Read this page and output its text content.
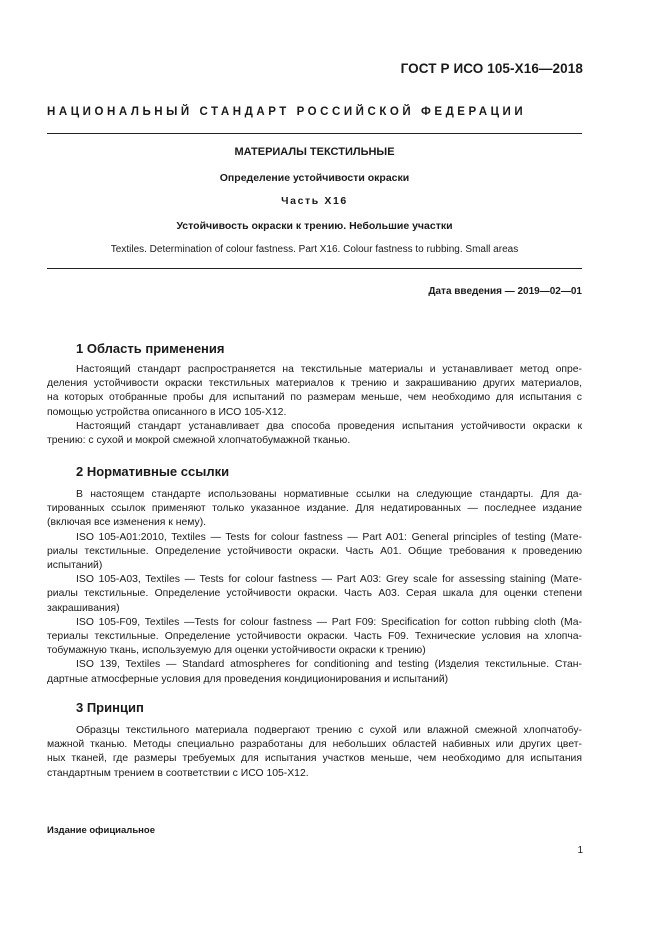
ГОСТ Р ИСО 105-Х16—2018
НАЦИОНАЛЬНЫЙ СТАНДАРТ РОССИЙСКОЙ ФЕДЕРАЦИИ
МАТЕРИАЛЫ ТЕКСТИЛЬНЫЕ
Определение устойчивости окраски
Часть Х16
Устойчивость окраски к трению. Небольшие участки
Textiles. Determination of colour fastness. Part X16. Colour fastness to rubbing. Small areas
Дата введения — 2019—02—01
1 Область применения
Настоящий стандарт распространяется на текстильные материалы и устанавливает метод опре-
деления устойчивости окраски текстильных материалов к трению и закрашиванию других материалов,
на которых отобранные пробы для испытаний по размерам меньше, чем необходимо для испытания с
помощью устройства описанного в ИСО 105-Х12.
Настоящий стандарт устанавливает два способа проведения испытания устойчивости окраски к
трению: с сухой и мокрой смежной хлопчатобумажной тканью.
2 Нормативные ссылки
В настоящем стандарте использованы нормативные ссылки на следующие стандарты. Для да-
тированных ссылок применяют только указанное издание. Для недатированных — последнее издание
(включая все изменения к нему).
ISO 105-A01:2010, Textiles — Tests for colour fastness — Part A01: General principles of testing (Мате-
риалы текстильные. Определение устойчивости окраски. Часть А01. Общие требования к проведению
испытаний)
ISO 105-A03, Textiles — Tests for colour fastness — Part A03: Grey scale for assessing staining (Мате-
риалы текстильные. Определение устойчивости окраски. Часть А03. Серая шкала для оценки степени
закрашивания)
ISO 105-F09, Textiles —Tests for colour fastness — Part F09: Specification for cotton rubbing cloth (Ма-
териалы текстильные. Определение устойчивости окраски. Часть F09. Технические условия на хлопча-
тобумажную ткань, используемую для оценки устойчивости окраски к трению)
ISO 139, Textiles — Standard atmospheres for conditioning and testing (Изделия текстильные. Стан-
дартные атмосферные условия для проведения кондиционирования и испытаний)
3 Принцип
Образцы текстильного материала подвергают трению с сухой или влажной смежной хлопчатобу-
мажной тканью. Методы специально разработаны для небольших областей набивных или других цвет-
ных тканей, где размеры требуемых для испытания участков меньше, чем необходимо для испытания
стандартным трением в соответствии с ИСО 105-Х12.
Издание официальное
1
